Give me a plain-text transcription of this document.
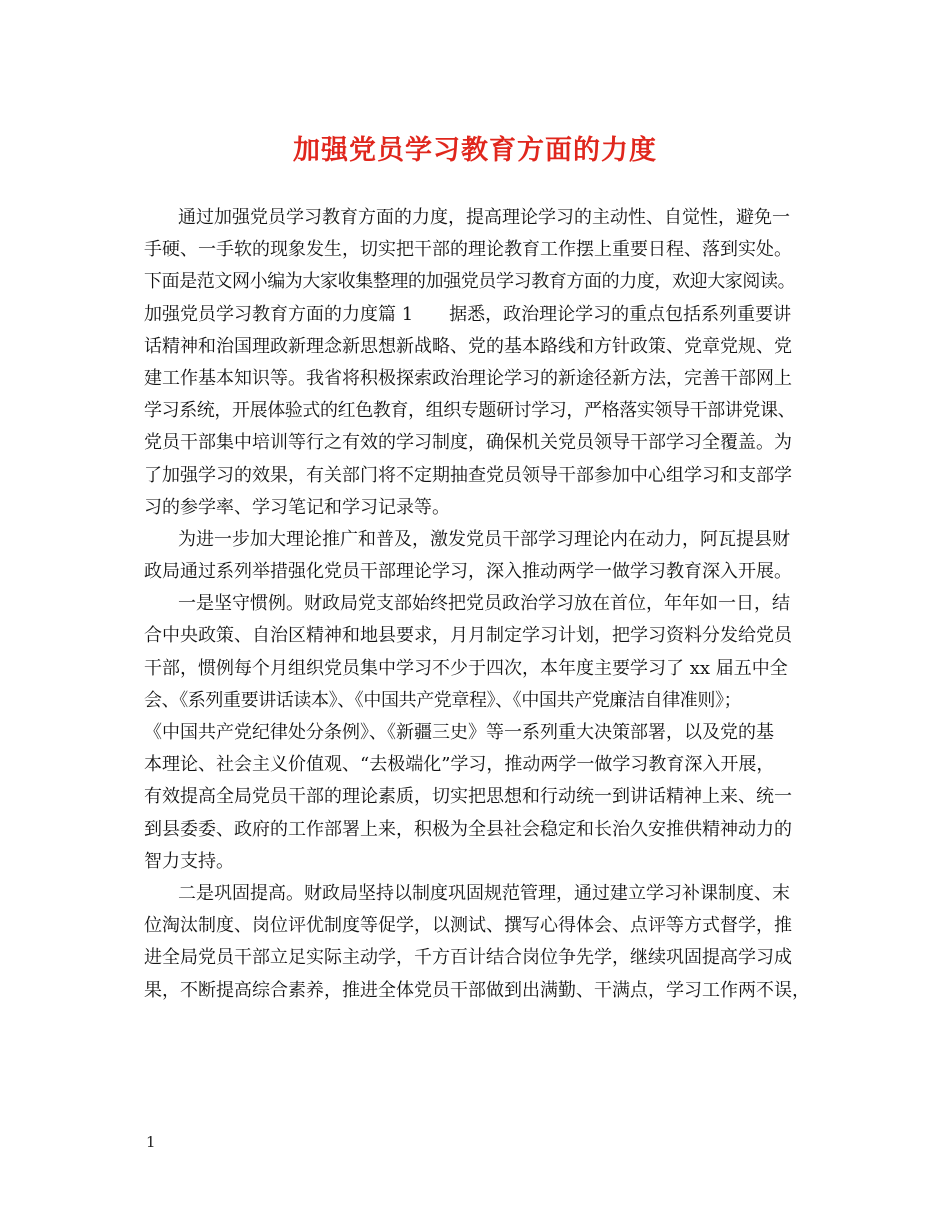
加强党员学习教育方面的力度
通过加强党员学习教育方面的力度，提高理论学习的主动性、自觉性，避免一
手硬、一手软的现象发生，切实把干部的理论教育工作摆上重要日程、落到实处。
下面是范文网小编为大家收集整理的加强党员学习教育方面的力度，欢迎大家阅读。
加强党员学习教育方面的力度篇 1　　据悉，政治理论学习的重点包括系列重要讲
话精神和治国理政新理念新思想新战略、党的基本路线和方针政策、党章党规、党
建工作基本知识等。我省将积极探索政治理论学习的新途径新方法，完善干部网上
学习系统，开展体验式的红色教育，组织专题研讨学习，严格落实领导干部讲党课、
党员干部集中培训等行之有效的学习制度，确保机关党员领导干部学习全覆盖。为
了加强学习的效果，有关部门将不定期抽查党员领导干部参加中心组学习和支部学
习的参学率、学习笔记和学习记录等。
为进一步加大理论推广和普及，激发党员干部学习理论内在动力，阿瓦提县财
政局通过系列举措强化党员干部理论学习，深入推动两学一做学习教育深入开展。
一是坚守惯例。财政局党支部始终把党员政治学习放在首位，年年如一日，结
合中央政策、自治区精神和地县要求，月月制定学习计划，把学习资料分发给党员
干部，惯例每个月组织党员集中学习不少于四次，本年度主要学习了 xx 届五中全
会、《系列重要讲话读本》、《中国共产党章程》、《中国共产党廉洁自律准则》；
《中国共产党纪律处分条例》、《新疆三史》等一系列重大决策部署，以及党的基
本理论、社会主义价值观、“去极端化”学习，推动两学一做学习教育深入开展，
有效提高全局党员干部的理论素质，切实把思想和行动统一到讲话精神上来、统一
到县委委、政府的工作部署上来，积极为全县社会稳定和长治久安推供精神动力的
智力支持。
二是巩固提高。财政局坚持以制度巩固规范管理，通过建立学习补课制度、末
位淘汰制度、岗位评优制度等促学，以测试、撰写心得体会、点评等方式督学，推
进全局党员干部立足实际主动学，千方百计结合岗位争先学，继续巩固提高学习成
果，不断提高综合素养，推进全体党员干部做到出满勤、干满点，学习工作两不误，
1
